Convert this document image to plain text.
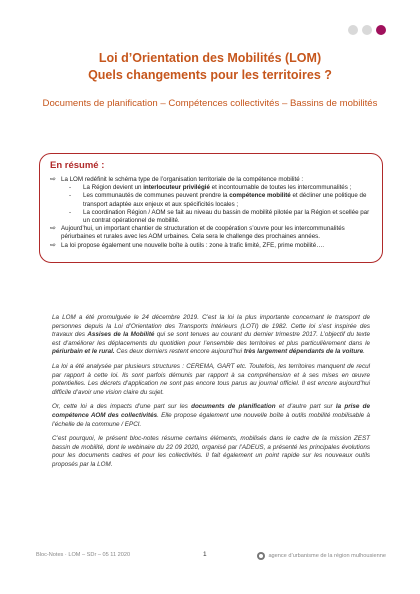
Loi d’Orientation des Mobilités (LOM)
Quels changements pour les territoires ?
Documents de planification – Compétences collectivités – Bassins de mobilités
En résumé :
⇨ La LOM redéfinit le schéma type de l’organisation territoriale de la compétence mobilité :
- La Région devient un interlocuteur privilégié et incontournable de toutes les intercommunalités ;
- Les communautés de communes peuvent prendre la compétence mobilité et décliner une politique de transport adaptée aux enjeux et aux spécificités locales ;
- La coordination Région / AOM se fait au niveau du bassin de mobilité pilotée par la Région et scellée par un contrat opérationnel de mobilité.
⇨ Aujourd’hui, un important chantier de structuration et de coopération s’ouvre pour les intercommunalités périurbaines et rurales avec les AOM urbaines. Cela sera le challenge des prochaines années.
⇨ La loi propose également une nouvelle boîte à outils : zone à trafic limité, ZFE, prime mobilité….

La LOM a été promulguée le 24 décembre 2019. C’est la loi la plus importante concernant le transport de personnes depuis la Loi d’Orientation des Transports Intérieurs (LOTI) de 1982. Cette loi s’est inspirée des travaux des Assises de la Mobilité qui se sont tenues au courant du dernier trimestre 2017. L’objectif du texte est d’améliorer les déplacements du quotidien pour l’ensemble des territoires et plus particulièrement dans le périurbain et le rural. Ces deux derniers restent encore aujourd’hui très largement dépendants de la voiture.

La loi a été analysée par plusieurs structures : CEREMA, GART etc. Toutefois, les territoires manquent de recul par rapport à cette loi. Ils sont parfois démunis par rapport à sa compréhension et à ses mises en œuvre potentielles. Les décrets d’application ne sont pas encore tous parus au journal officiel. Il est encore aujourd’hui difficile d’avoir une vision claire du sujet.

Or, cette loi a des impacts d’une part sur les documents de planification et d’autre part sur la prise de compétence AOM des collectivités. Elle propose également une nouvelle boîte à outils mobilité mobilisable à l’échelle de la commune / EPCI.

C’est pourquoi, le présent bloc-notes résume certains éléments, mobilisés dans le cadre de la mission ZEST bassin de mobilité, dont le webinaire du 22 09 2020, organisé par l’ADEUS, a présenté les principales évolutions pour les documents cadres et pour les collectivités. Il fait également un point rapide sur les nouveaux outils proposés par la LOM.

Bloc-Notes · LOM – SDr – 05 11 2020	1	agence d’urbanisme de la région mulhousienne
